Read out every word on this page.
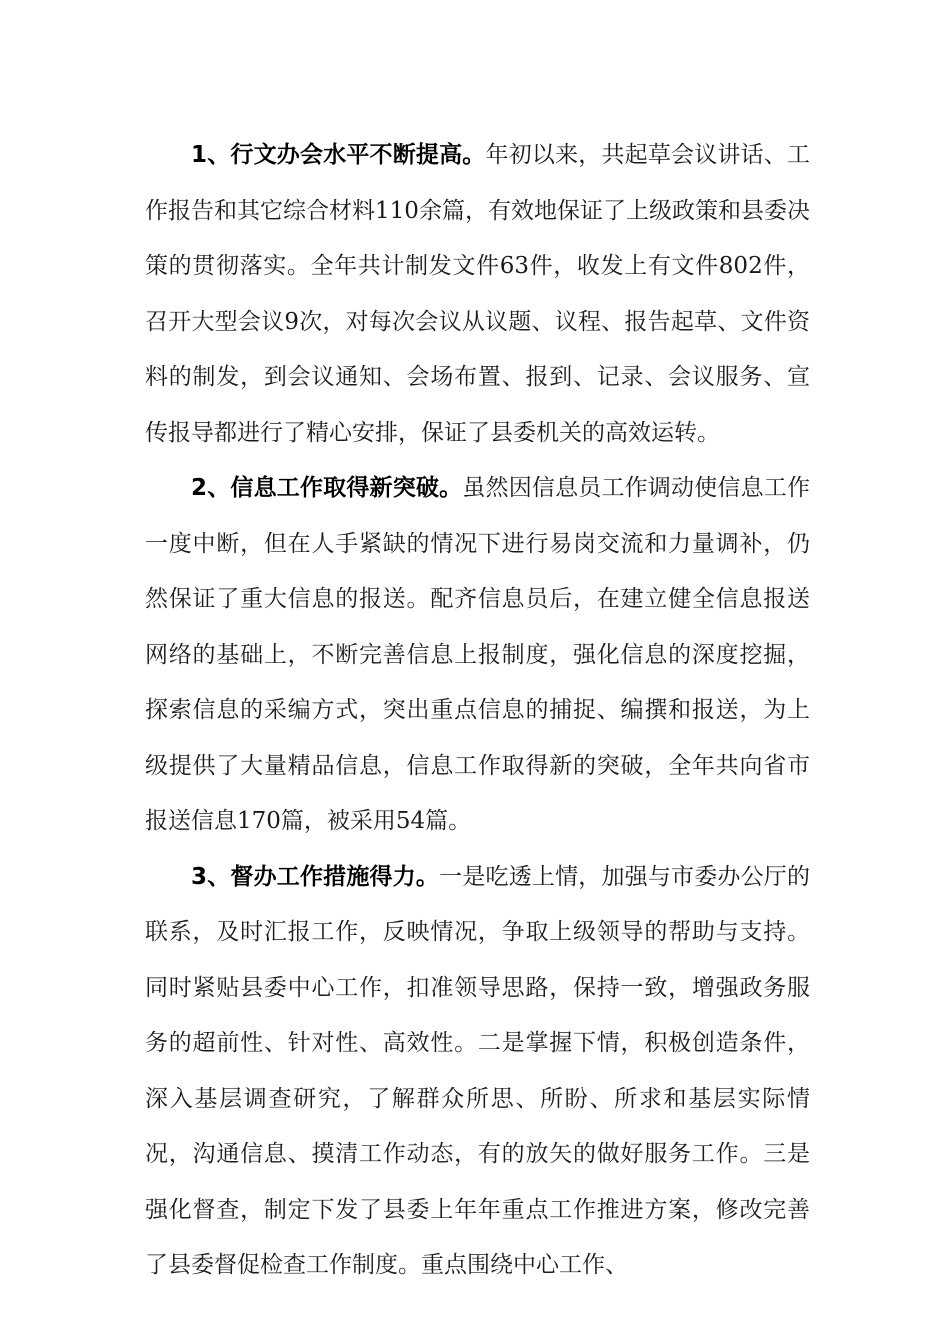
1、行文办会水平不断提高。年初以来，共起草会议讲话、工作报告和其它综合材料110余篇，有效地保证了上级政策和县委决策的贯彻落实。全年共计制发文件63件，收发上有文件802件，召开大型会议9次，对每次会议从议题、议程、报告起草、文件资料的制发，到会议通知、会场布置、报到、记录、会议服务、宣传报导都进行了精心安排，保证了县委机关的高效运转。

2、信息工作取得新突破。虽然因信息员工作调动使信息工作一度中断，但在人手紧缺的情况下进行易岗交流和力量调补，仍然保证了重大信息的报送。配齐信息员后，在建立健全信息报送网络的基础上，不断完善信息上报制度，强化信息的深度挖掘，探索信息的采编方式，突出重点信息的捕捉、编撰和报送，为上级提供了大量精品信息，信息工作取得新的突破，全年共向省市报送信息170篇，被采用54篇。

3、督办工作措施得力。一是吃透上情，加强与市委办公厅的联系，及时汇报工作，反映情况，争取上级领导的帮助与支持。同时紧贴县委中心工作，扣准领导思路，保持一致，增强政务服务的超前性、针对性、高效性。二是掌握下情，积极创造条件，深入基层调查研究，了解群众所思、所盼、所求和基层实际情况，沟通信息、摸清工作动态，有的放矢的做好服务工作。三是强化督查，制定下发了县委上年年重点工作推进方案，修改完善了县委督促检查工作制度。重点围绕中心工作、
